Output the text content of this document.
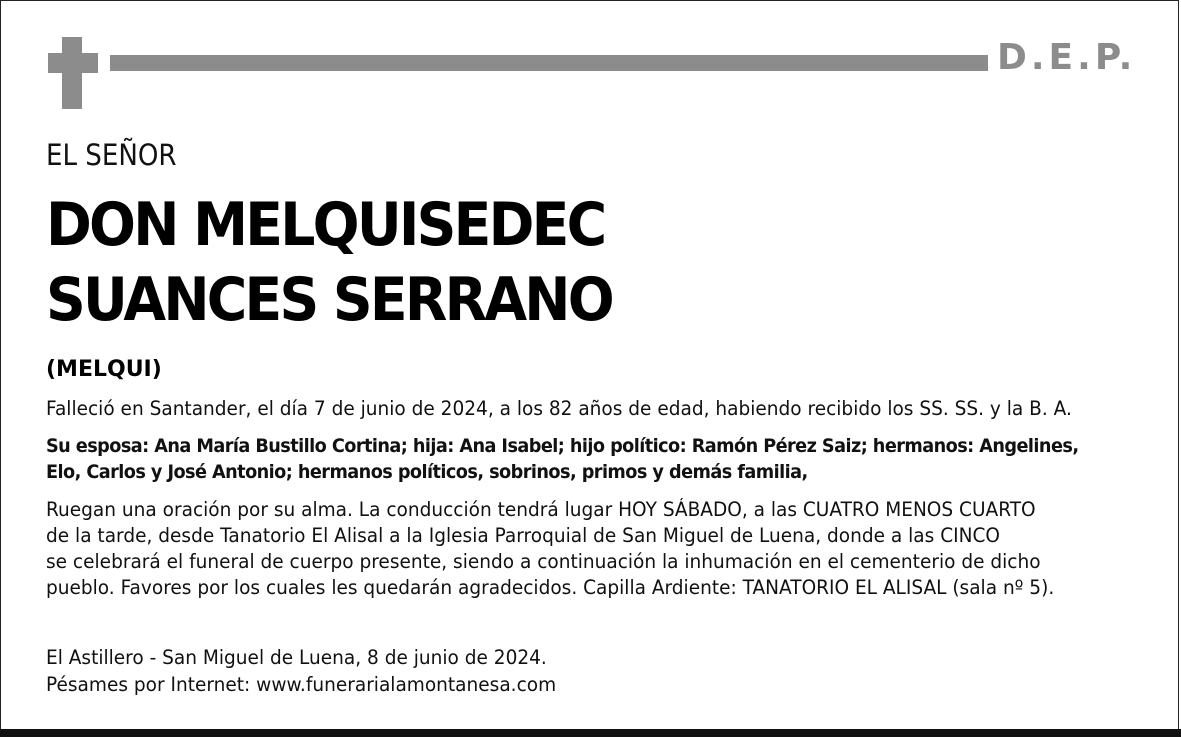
D.E.P.
EL SEÑOR
DON MELQUISEDEC
SUANCES SERRANO
(MELQUI)
Falleció en Santander, el día 7 de junio de 2024, a los 82 años de edad, habiendo recibido los SS. SS. y la B. A.
Su esposa: Ana María Bustillo Cortina; hija: Ana Isabel; hijo político: Ramón Pérez Saiz; hermanos: Angelines,
Elo, Carlos y José Antonio; hermanos políticos, sobrinos, primos y demás familia,
Ruegan una oración por su alma. La conducción tendrá lugar HOY SÁBADO, a las CUATRO MENOS CUARTO
de la tarde, desde Tanatorio El Alisal a la Iglesia Parroquial de San Miguel de Luena, donde a las CINCO
se celebrará el funeral de cuerpo presente, siendo a continuación la inhumación en el cementerio de dicho
pueblo. Favores por los cuales les quedarán agradecidos. Capilla Ardiente: TANATORIO EL ALISAL (sala nº 5).
El Astillero - San Miguel de Luena, 8 de junio de 2024.
Pésames por Internet: www.funerarialamontanesa.com
